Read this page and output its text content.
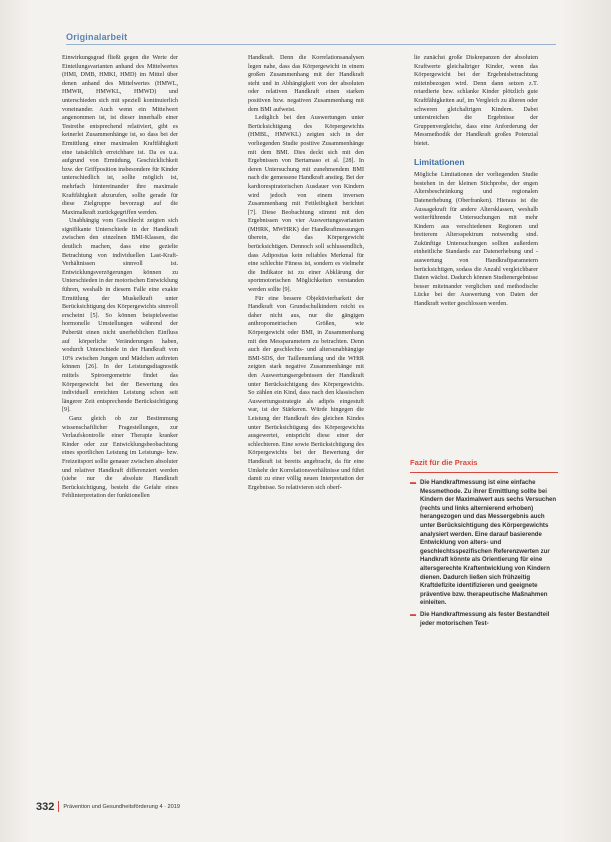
Originalarbeit

Einwirkungsgrad fließt gegen die Werte der Einteilungsvarianten anhand des Mittelwertes (HMI, DMB, HMKI, HMD) im Mittel über denen anhand des Mittelwertes (HMWL, HMWR, HMWKL, HMWD) und unterschieden sich mit speziell kontinuierlich voneinander. Auch wenn ein Mittelwert angenommen ist, ist dieser innerhalb einer Testreihe entsprechend relativiert, gibt es keinerlei Zusammenhänge ist, so dass bei der Ermittlung einer maximalen Kraftfähigkeit eine tatsächlich erreichbare ist. Da es u.a. aufgrund von Ermüdung, Geschicklichkeit bzw. der Griffposition insbesondere für Kinder unterschiedlich ist, sollte möglich ist, mehrfach hintereinander ihre maximale Kraftfähigkeit abzurufen, sollte gerade für diese Zielgruppe bevorzugt auf die Maximalkraft zurückgegriffen werden.

Unabhängig vom Geschlecht zeigten sich signifikante Unterschiede in der Handkraft zwischen den einzelnen BMI-Klassen, die deutlich machen, dass eine gezielte Betrachtung von individuellen Last-Kraft-Verhältnissen sinnvoll ist. Entwicklungsverzögerungen können zu Unterschieden in der motorischen Entwicklung führen, weshalb in diesem Falle eine exakte Ermittlung der Muskelkraft unter Berücksichtigung des Körpergewichts sinnvoll erscheint [5]. So können beispielsweise hormonelle Umstellungen während der Pubertät einen nicht unerheblichen Einfluss auf körperliche Veränderungen haben, wodurch Unterschiede in der Handkraft von 10% zwischen Jungen und Mädchen auftreten können [26]. In der Leistungsdiagnostik mittels Spiroergometrie findet das Körpergewicht bei der Bewertung des individuell erreichten Leistung schon seit längerer Zeit entsprechende Berücksichtigung [9].

Ganz gleich ob zur Bestimmung wissenschaftlicher Fragestellungen, zur Verlaufskontrolle einer Therapie kranker Kinder oder zur Entwicklungsbeobachtung eines sportlichen Leistung im Leistungs- bzw. Freizeitsport sollte genauer zwischen absoluter und relativer Handkraft differenziert werden (siehe nur die absolute Handkraft Berücksichtigung, besteht die Gefahr eines Fehlinterpretation der funktionellen

Handkraft. Denn die Korrelationsanalysen legen nahe, dass das Körpergewicht in einem großen Zusammenhang mit der Handkraft steht und in Abhängigkeit von der absoluten oder relativen Handkraft einen starken positiven bzw. negativen Zusammenhang mit dem BMI aufweist.

Lediglich bei den Auswertungen unter Berücksichtigung des Körpergewichts (HMBL, HMWKL) zeigten sich in der vorliegenden Studie positive Zusammenhänge mit dem BMI. Dies deckt sich mit den Ergebnissen von Bertamaso et al. [28]. In deren Untersuchung mit zunehmendem BMI nach die gemessene Handkraft anstieg. Bei der kardiorespiratorischen Ausdauer von Kindern wird jedoch von einem inversen Zusammenhang mit Fettleibigkeit berichtet [7]. Diese Beobachtung stimmt mit den Ergebnissen von vier Auswertungsvarianten (MHRK, MWHRK) der Handkraftmessungen überein, die das Körpergewicht berücksichtigen. Dennoch soll schlussendlich, dass Adipositas kein reliables Merkmal für eine schlechte Fitness ist, sondern es vielmehr die Indikator ist zu einer Abklärung der sportmotorischen Möglichkeiten verstanden werden sollte [9].

Für eine bessere Objektivierbarkeit der Handkraft von Grundschulkindern reicht es daher nicht aus, nur die gängigen anthropometrischen Größen, wie Körpergewicht oder BMI, in Zusammenhang mit den Messparametern zu betrachten. Denn auch der geschlechts- und altersunabhängige BMI-SDS, der Taillenumfang und die WHtR zeigten stark negative Zusammenhänge mit den Auswertungsergebnissen der Handkraft unter Berücksichtigung des Körpergewichts. So zählen ein Kind, dass nach den klassischen Auswertungsstrategie als adipös eingestuft war, ist der Stärkeren. Würde hingegen die Leistung der Handkraft des gleichen Kindes unter Berücksichtigung des Körpergewichts ausgewertet, entspricht diese einer der schlechteren. Eine sowie Berücksichtigung des Körpergewichts bei der Bewertung der Handkraft ist bereits angebracht, da für eine Umkehr der Korrelationsverhältnisse und führt damit zu einer völlig neuen Interpretation der Ergebnisse. So relativieren sich oberf-

lie zunächst große Diskrepanzen der absoluten Kraftwerte gleichaltriger Kinder, wenn das Körpergewicht bei der Ergebnisbetrachtung miteinbezogen wird. Denn dann setzen z.T. retardierte bzw. schlanke Kinder plötzlich gute Kraftfähigkeiten auf, im Vergleich zu älteren oder schweren gleichaltrigen Kindern. Dabei unterstreichen die Ergebnisse der Gruppenvergleiche, dass eine Anforderung der Messmethodik der Handkraft großes Potenzial bietet.

Limitationen

Mögliche Limitationen der vorliegenden Studie bestehen in der kleinen Stichprobe, der engen Altersbeschränkung und regionalen Datenerhebung (Oberfranken). Hieraus ist die Aussagekraft für andere Altersklassen, weshalb weiterführende Untersuchungen mit mehr Kindern aus verschiedenen Regionen und breiterem Altersspektrum notwendig sind. Zukünftige Untersuchungen sollten außerdem einheitliche Standards zur Datenerhebung und -auswertung von Handkraftparametern berücksichtigen, sodass die Anzahl vergleichbarer Daten wächst. Dadurch können Studienergebnisse besser miteinander verglichen und methodische Lücke bei der Auswertung von Daten der Handkraft weiter geschlossen werden.

Fazit für die Praxis
▬ Die Handkraftmessung ist eine einfache Messmethode. Zu ihrer Ermittlung sollte bei Kindern der Maximalwert aus sechs Versuchen (rechts und links alternierend erhoben) herangezogen und das Messergebnis auch unter Berücksichtigung des Körpergewichts analysiert werden. Eine darauf basierende Entwicklung von alters- und geschlechtsspezifischen Referenzwerten zur Handkraft könnte als Orientierung für eine altersgerechte Kraftentwicklung von Kindern dienen. Dadurch ließen sich frühzeitig Kraftdefizite identifizieren und geeignete präventive bzw. therapeutische Maßnahmen einleiten.
▬ Die Handkraftmessung als fester Bestandteil jeder motorischen Test-
332 Prävention und Gesundheitsförderung 4 · 2019
